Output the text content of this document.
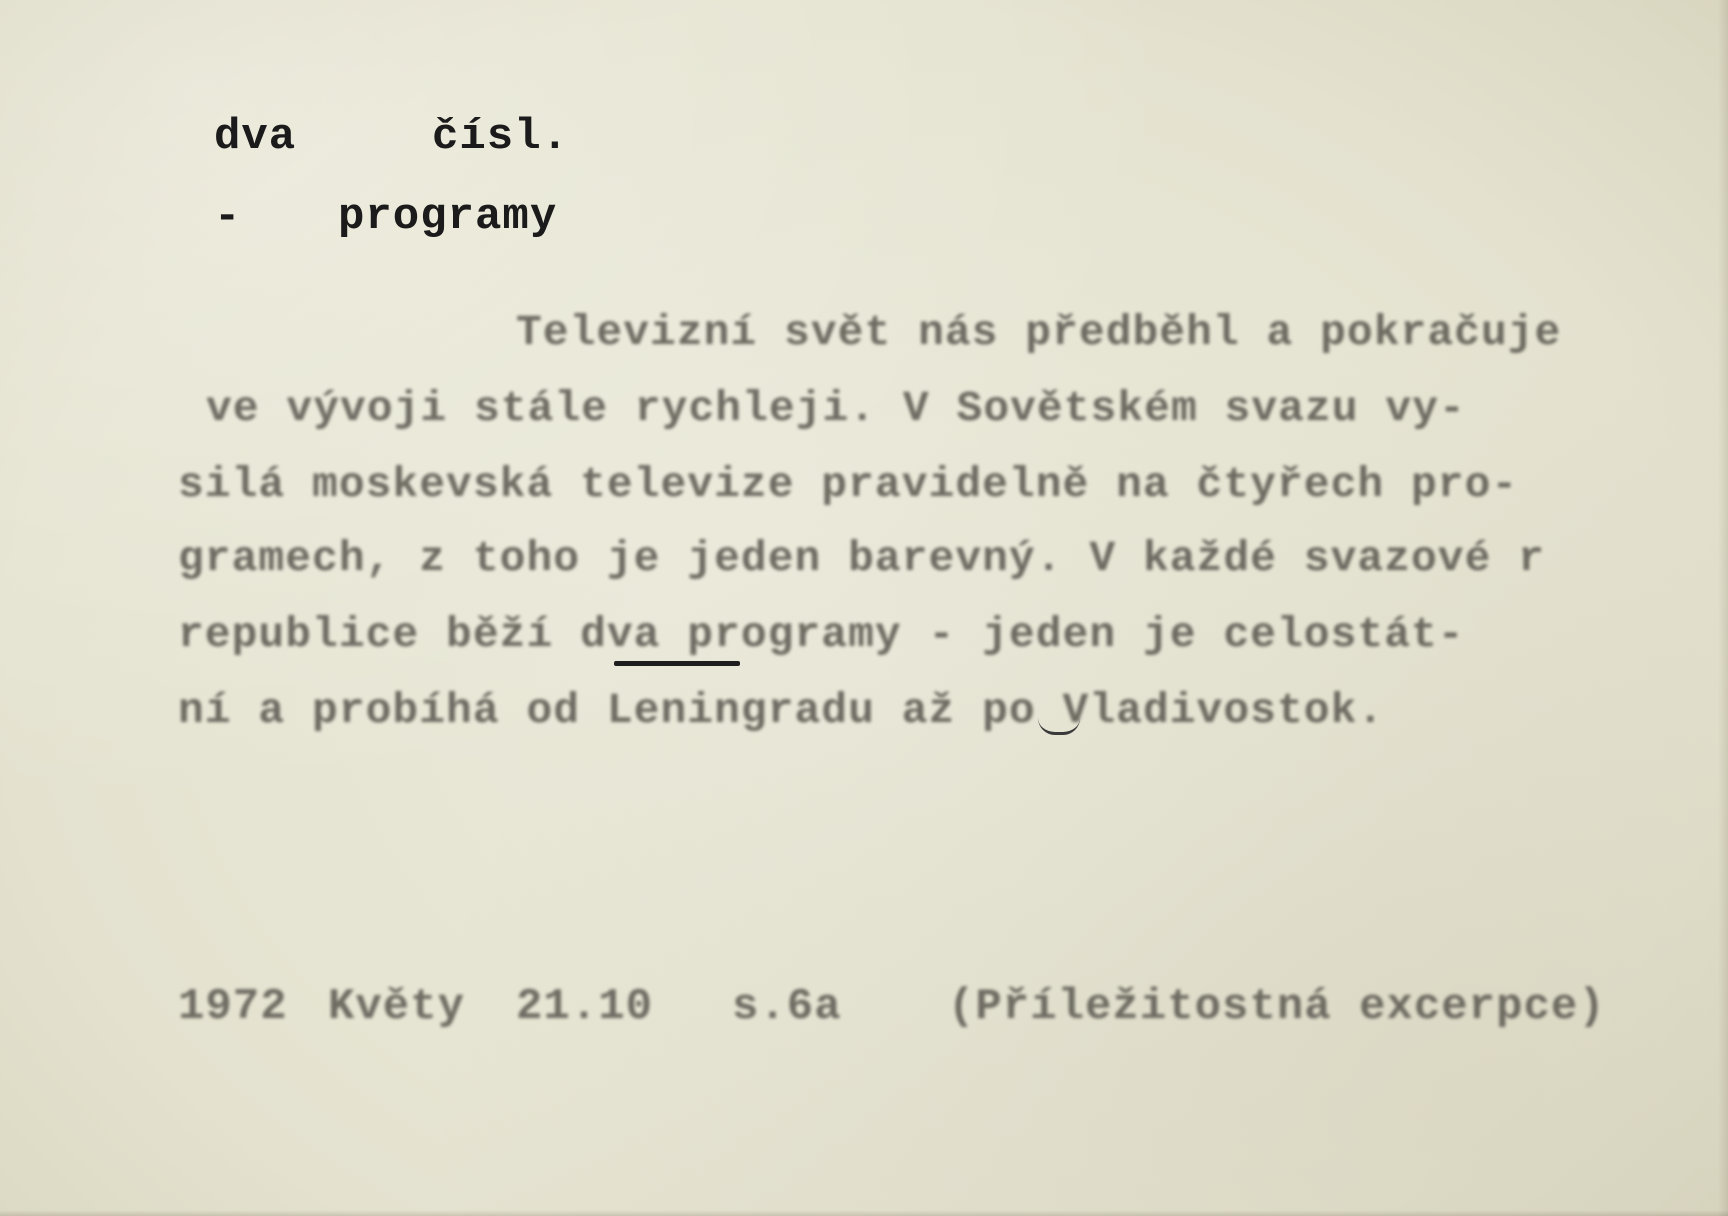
dva

	čísl.

-

programy

Televizní svět nás předběhl a pokračuje
ve vývoji stále rychleji. V Sovětském svazu vy-
silá moskevská televize pravidelně na čtyřech pro-
gramech, z toho je jeden barevný. V každé svazové r
republice běží dva programy - jeden je celostát-
ní a probíhá od Leningradu až po Vladivostok.
1972 Květy 21.10 s.6a (Příležitostná excerpce)
